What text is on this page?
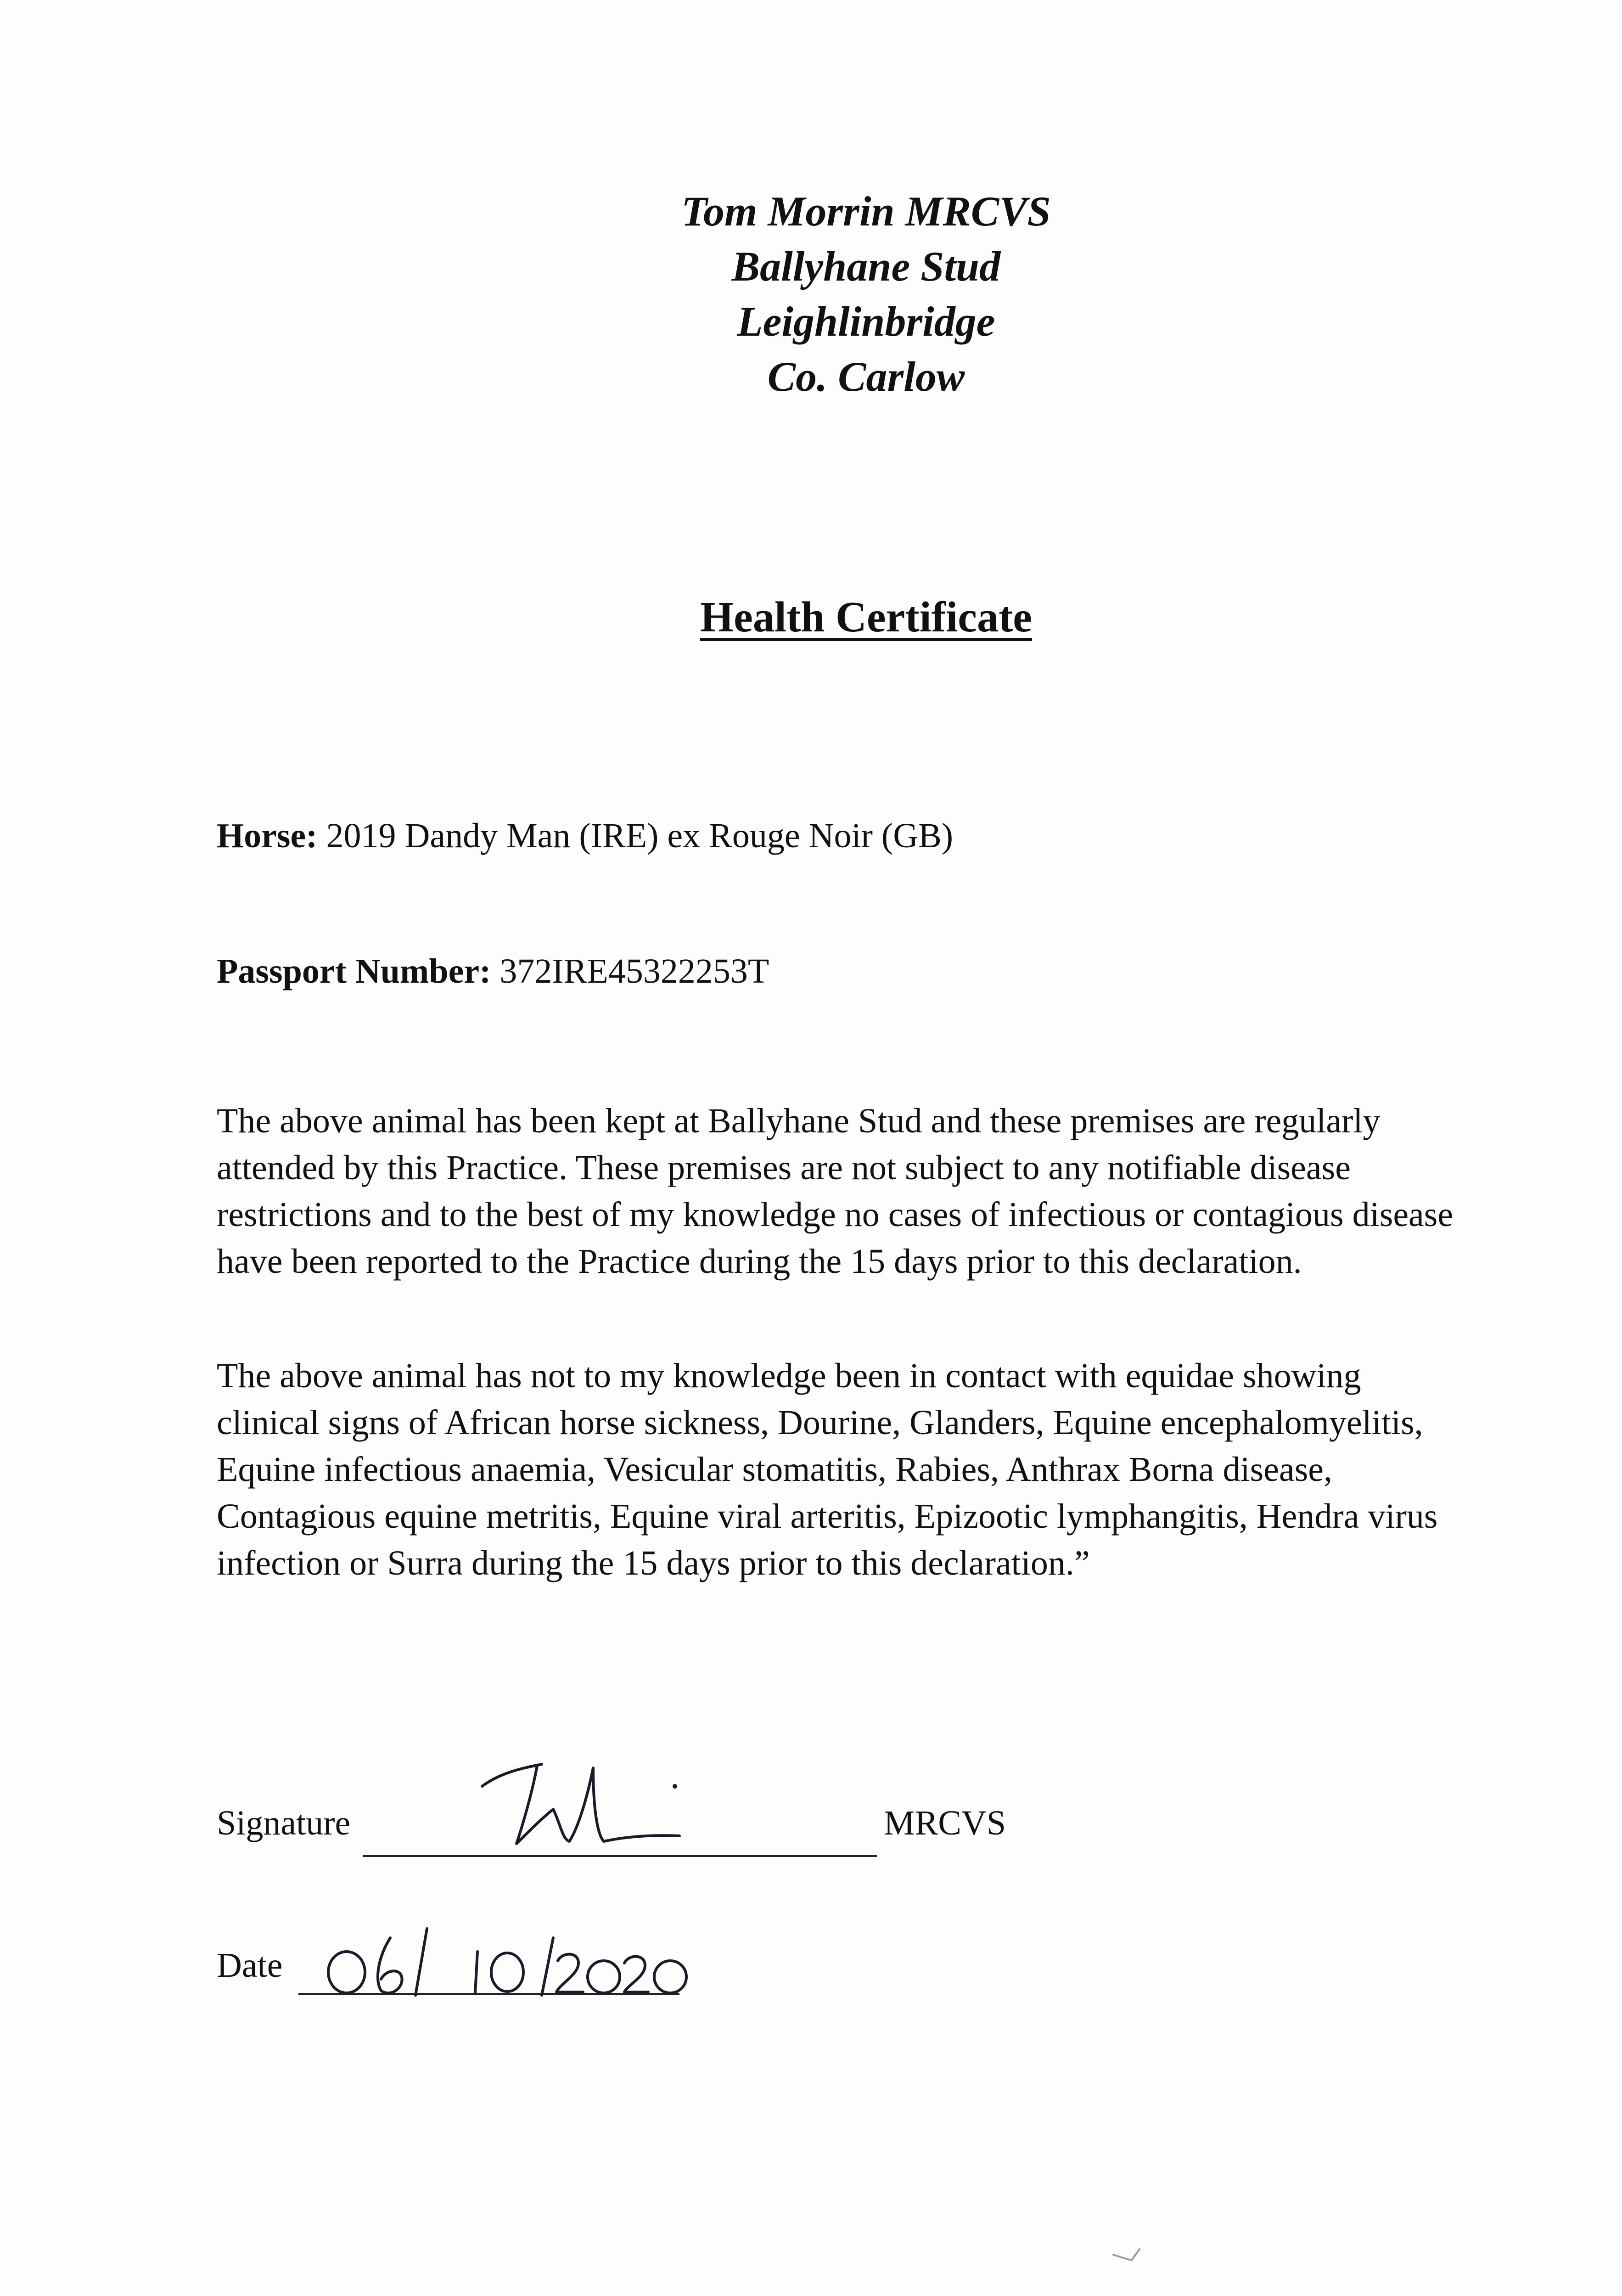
Tom Morrin MRCVS
Ballyhane Stud
Leighlinbridge
Co. Carlow
Health Certificate
Horse: 2019 Dandy Man (IRE) ex Rouge Noir (GB)
Passport Number: 372IRE45322253T

The above animal has been kept at Ballyhane Stud and these premises are regularly attended by this Practice. These premises are not subject to any notifiable disease restrictions and to the best of my knowledge no cases of infectious or contagious disease have been reported to the Practice during the 15 days prior to this declaration.

The above animal has not to my knowledge been in contact with equidae showing clinical signs of African horse sickness, Dourine, Glanders, Equine encephalomyelitis, Equine infectious anaemia, Vesicular stomatitis, Rabies, Anthrax Borna disease, Contagious equine metritis, Equine viral arteritis, Epizootic lymphangitis, Hendra virus infection or Surra during the 15 days prior to this declaration.”

Signature	MRCVS
Date
